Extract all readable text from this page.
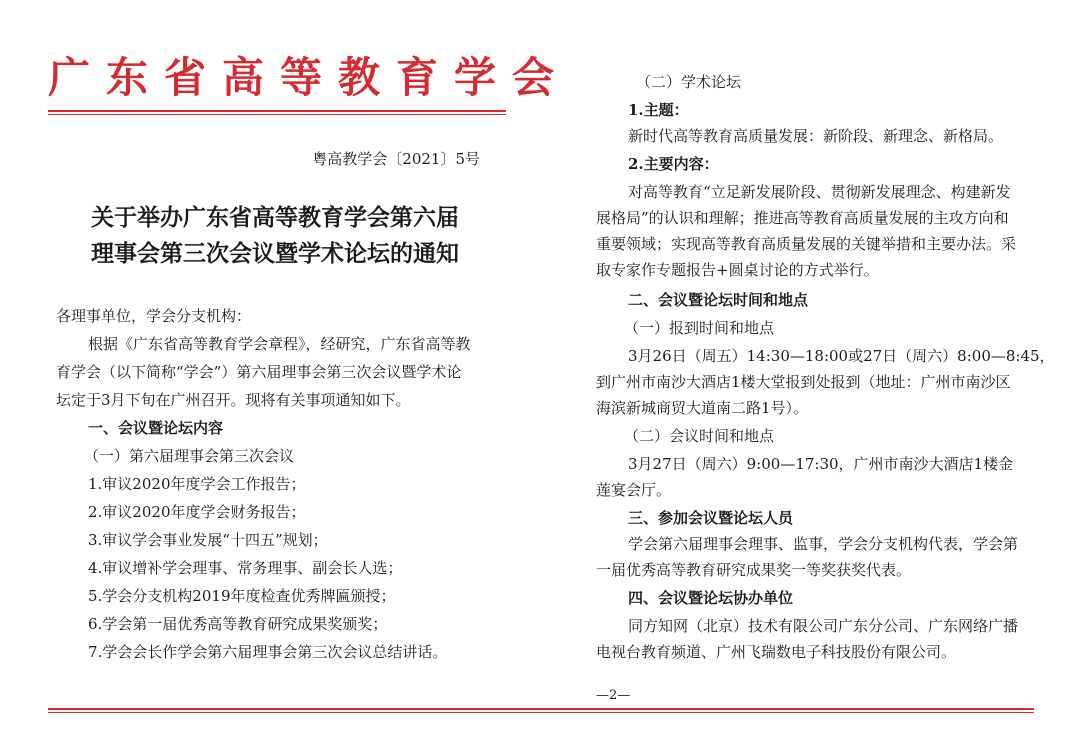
广东省高等教育学会
粤高教学会〔2021〕5号
关于举办广东省高等教育学会第六届
理事会第三次会议暨学术论坛的通知
各理事单位，学会分支机构：
根据《广东省高等教育学会章程》，经研究，广东省高等教
育学会（以下简称“学会”）第六届理事会第三次会议暨学术论
坛定于3月下旬在广州召开。现将有关事项通知如下。
一、会议暨论坛内容
（一）第六届理事会第三次会议
1.审议2020年度学会工作报告；
2.审议2020年度学会财务报告；
3.审议学会事业发展“十四五”规划；
4.审议增补学会理事、常务理事、副会长人选；
5.学会分支机构2019年度检查优秀牌匾颁授；
6.学会第一届优秀高等教育研究成果奖颁奖；
7.学会会长作学会第六届理事会第三次会议总结讲话。
（二）学术论坛
1.主题：
新时代高等教育高质量发展：新阶段、新理念、新格局。
2.主要内容：
对高等教育“立足新发展阶段、贯彻新发展理念、构建新发
展格局”的认识和理解；推进高等教育高质量发展的主攻方向和
重要领域；实现高等教育高质量发展的关键举措和主要办法。采
取专家作专题报告+圆桌讨论的方式举行。
二、会议暨论坛时间和地点
（一）报到时间和地点
3月26日（周五）14:30—18:00或27日（周六）8:00—8:45，
到广州市南沙大酒店1楼大堂报到处报到（地址：广州市南沙区
海滨新城商贸大道南二路1号）。
（二）会议时间和地点
3月27日（周六）9:00—17:30，广州市南沙大酒店1楼金
莲宴会厅。
三、参加会议暨论坛人员
学会第六届理事会理事、监事，学会分支机构代表，学会第
一届优秀高等教育研究成果奖一等奖获奖代表。
四、会议暨论坛协办单位
同方知网（北京）技术有限公司广东分公司、广东网络广播
电视台教育频道、广州飞瑞数电子科技股份有限公司。
—2—
